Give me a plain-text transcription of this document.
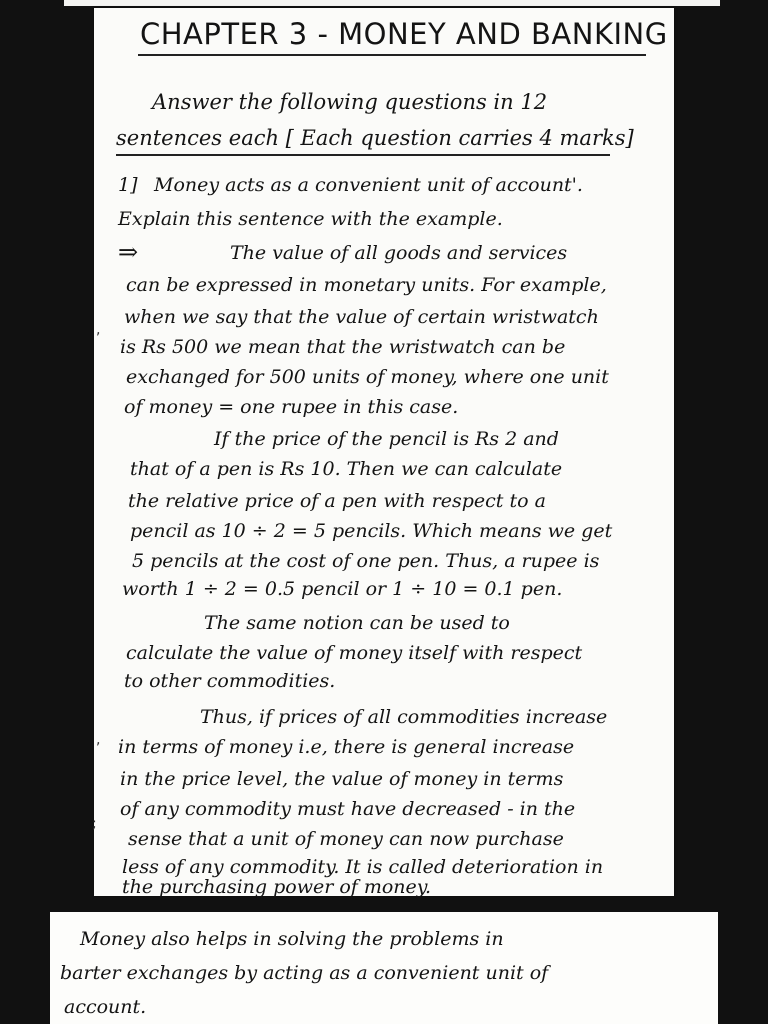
CHAPTER 3 - MONEY AND BANKING
Answer the following questions in 12
sentences each [ Each question carries 4 marks]
1] Money acts as a convenient unit of account'.
Explain this sentence with the example.
⇒	The value of all goods and services
can be expressed in monetary units. For example,
when we say that the value of certain wristwatch
is Rs 500 we mean that the wristwatch can be
exchanged for 500 units of money, where one unit
of money = one rupee in this case.
If the price of the pencil is Rs 2 and
that of a pen is Rs 10. Then we can calculate
the relative price of a pen with respect to a
pencil as 10 ÷ 2 = 5 pencils. Which means we get
5 pencils at the cost of one pen. Thus, a rupee is
worth 1 ÷ 2 = 0.5 pencil or 1 ÷ 10 = 0.1 pen.
The same notion can be used to
calculate the value of money itself with respect
to other commodities.
Thus, if prices of all commodities increase
in terms of money i.e, there is general increase
in the price level, the value of money in terms
of any commodity must have decreased - in the
sense that a unit of money can now purchase
less of any commodity. It is called deterioration in
the purchasing power of money.
,
,
;
Money also helps in solving the problems in
barter exchanges by acting as a convenient unit of
account.
